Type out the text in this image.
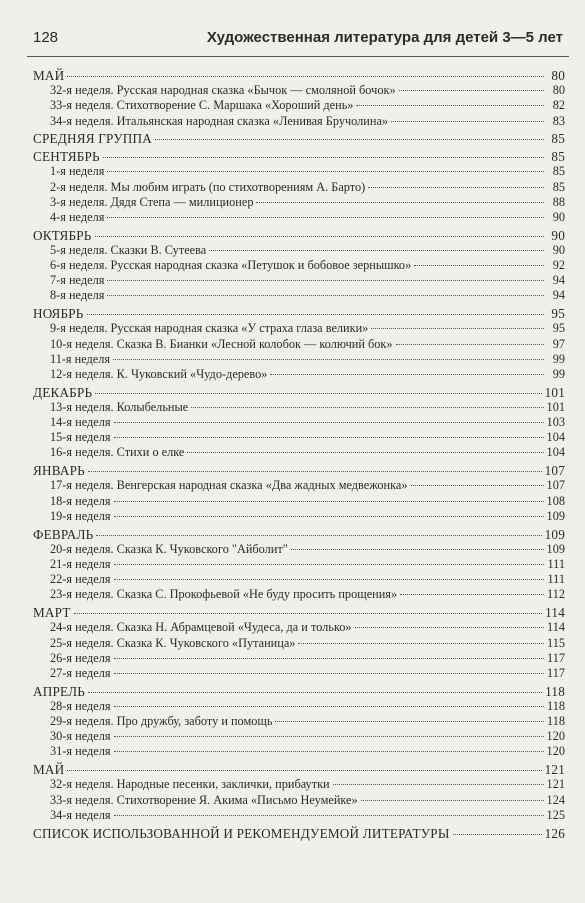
128	Художественная литература для детей 3—5 лет
МАЙ	80
32-я неделя. Русская народная сказка «Бычок — смоляной бочок»	80
33-я неделя. Стихотворение С. Маршака «Хороший день»	82
34-я неделя. Итальянская народная сказка «Ленивая Бручолина»	83
СРЕДНЯЯ ГРУППА	85
СЕНТЯБРЬ	85
1-я неделя	85
2-я неделя. Мы любим играть (по стихотворениям А. Барто)	85
3-я неделя. Дядя Степа — милиционер	88
4-я неделя	90
ОКТЯБРЬ	90
5-я неделя. Сказки В. Сутеева	90
6-я неделя. Русская народная сказка «Петушок и бобовое зернышко»	92
7-я неделя	94
8-я неделя	94
НОЯБРЬ	95
9-я неделя. Русская народная сказка «У страха глаза велики»	95
10-я неделя. Сказка В. Бианки «Лесной колобок — колючий бок»	97
11-я неделя	99
12-я неделя. К. Чуковский «Чудо-дерево»	99
ДЕКАБРЬ	101
13-я неделя. Колыбельные	101
14-я неделя	103
15-я неделя	104
16-я неделя. Стихи о елке	104
ЯНВАРЬ	107
17-я неделя. Венгерская народная сказка «Два жадных медвежонка»	107
18-я неделя	108
19-я неделя	109
ФЕВРАЛЬ	109
20-я неделя. Сказка К. Чуковского "Айболит"	109
21-я неделя	111
22-я неделя	111
23-я неделя. Сказка С. Прокофьевой «Не буду просить прощения»	112
МАРТ	114
24-я неделя. Сказка Н. Абрамцевой «Чудеса, да и только»	114
25-я неделя. Сказка К. Чуковского «Путаница»	115
26-я неделя	117
27-я неделя	117
АПРЕЛЬ	118
28-я неделя	118
29-я неделя. Про дружбу, заботу и помощь	118
30-я неделя	120
31-я неделя	120
МАЙ	121
32-я неделя. Народные песенки, заклички, прибаутки	121
33-я неделя. Стихотворение Я. Акима «Письмо Неумейке»	124
34-я неделя	125
СПИСОК ИСПОЛЬЗОВАННОЙ И РЕКОМЕНДУЕМОЙ ЛИТЕРАТУРЫ	126
